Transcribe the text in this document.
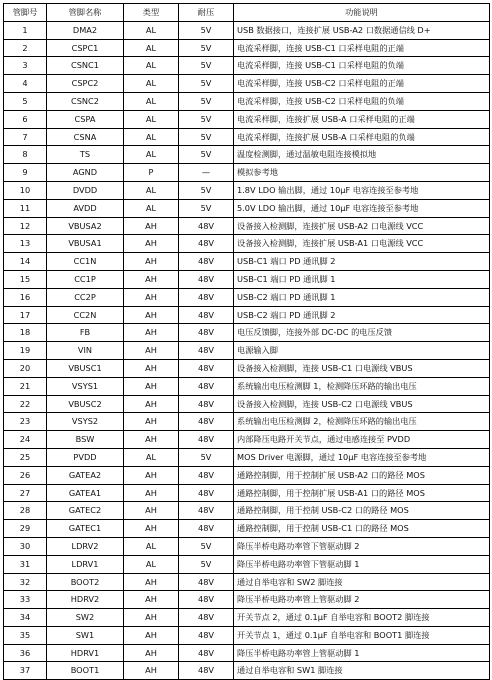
管脚号	管脚名称	类型	耐压	功能说明
1	DMA2	AL	5V	USB 数据接口，连接扩展 USB-A2 口数据通信线 D+
2	CSPC1	AL	5V	电流采样脚，连接 USB-C1 口采样电阻的正端
3	CSNC1	AL	5V	电流采样脚，连接 USB-C1 口采样电阻的负端
4	CSPC2	AL	5V	电流采样脚，连接 USB-C2 口采样电阻的正端
5	CSNC2	AL	5V	电流采样脚，连接 USB-C2 口采样电阻的负端
6	CSPA	AL	5V	电流采样脚，连接扩展 USB-A 口采样电阻的正端
7	CSNA	AL	5V	电流采样脚，连接扩展 USB-A 口采样电阻的负端
8	TS	AL	5V	温度检测脚，通过温敏电阻连接模拟地
9	AGND	P	—	模拟参考地
10	DVDD	AL	5V	1.8V LDO 输出脚，通过 10μF 电容连接至参考地
11	AVDD	AL	5V	5.0V LDO 输出脚，通过 10μF 电容连接至参考地
12	VBUSA2	AH	48V	设备接入检测脚，连接扩展 USB-A2 口电源线 VCC
13	VBUSA1	AH	48V	设备接入检测脚，连接扩展 USB-A1 口电源线 VCC
14	CC1N	AH	48V	USB-C1 端口 PD 通讯脚 2
15	CC1P	AH	48V	USB-C1 端口 PD 通讯脚 1
16	CC2P	AH	48V	USB-C2 端口 PD 通讯脚 1
17	CC2N	AH	48V	USB-C2 端口 PD 通讯脚 2
18	FB	AH	48V	电压反馈脚，连接外部 DC-DC 的电压反馈
19	VIN	AH	48V	电源输入脚
20	VBUSC1	AH	48V	设备接入检测脚，连接 USB-C1 口电源线 VBUS
21	VSYS1	AH	48V	系统输出电压检测脚 1，检测降压环路的输出电压
22	VBUSC2	AH	48V	设备接入检测脚，连接 USB-C2 口电源线 VBUS
23	VSYS2	AH	48V	系统输出电压检测脚 2，检测降压环路的输出电压
24	BSW	AH	48V	内部降压电路开关节点，通过电感连接至 PVDD
25	PVDD	AL	5V	MOS Driver 电源脚，通过 10μF 电容连接至参考地
26	GATEA2	AH	48V	通路控制脚，用于控制扩展 USB-A2 口的路径 MOS
27	GATEA1	AH	48V	通路控制脚，用于控制扩展 USB-A1 口的路径 MOS
28	GATEC2	AH	48V	通路控制脚，用于控制 USB-C2 口的路径 MOS
29	GATEC1	AH	48V	通路控制脚，用于控制 USB-C1 口的路径 MOS
30	LDRV2	AL	5V	降压半桥电路功率管下管驱动脚 2
31	LDRV1	AL	5V	降压半桥电路功率管下管驱动脚 1
32	BOOT2	AH	48V	通过自举电容和 SW2 脚连接
33	HDRV2	AH	48V	降压半桥电路功率管上管驱动脚 2
34	SW2	AH	48V	开关节点 2，通过 0.1μF 自举电容和 BOOT2 脚连接
35	SW1	AH	48V	开关节点 1，通过 0.1μF 自举电容和 BOOT1 脚连接
36	HDRV1	AH	48V	降压半桥电路功率管上管驱动脚 1
37	BOOT1	AH	48V	通过自举电容和 SW1 脚连接
